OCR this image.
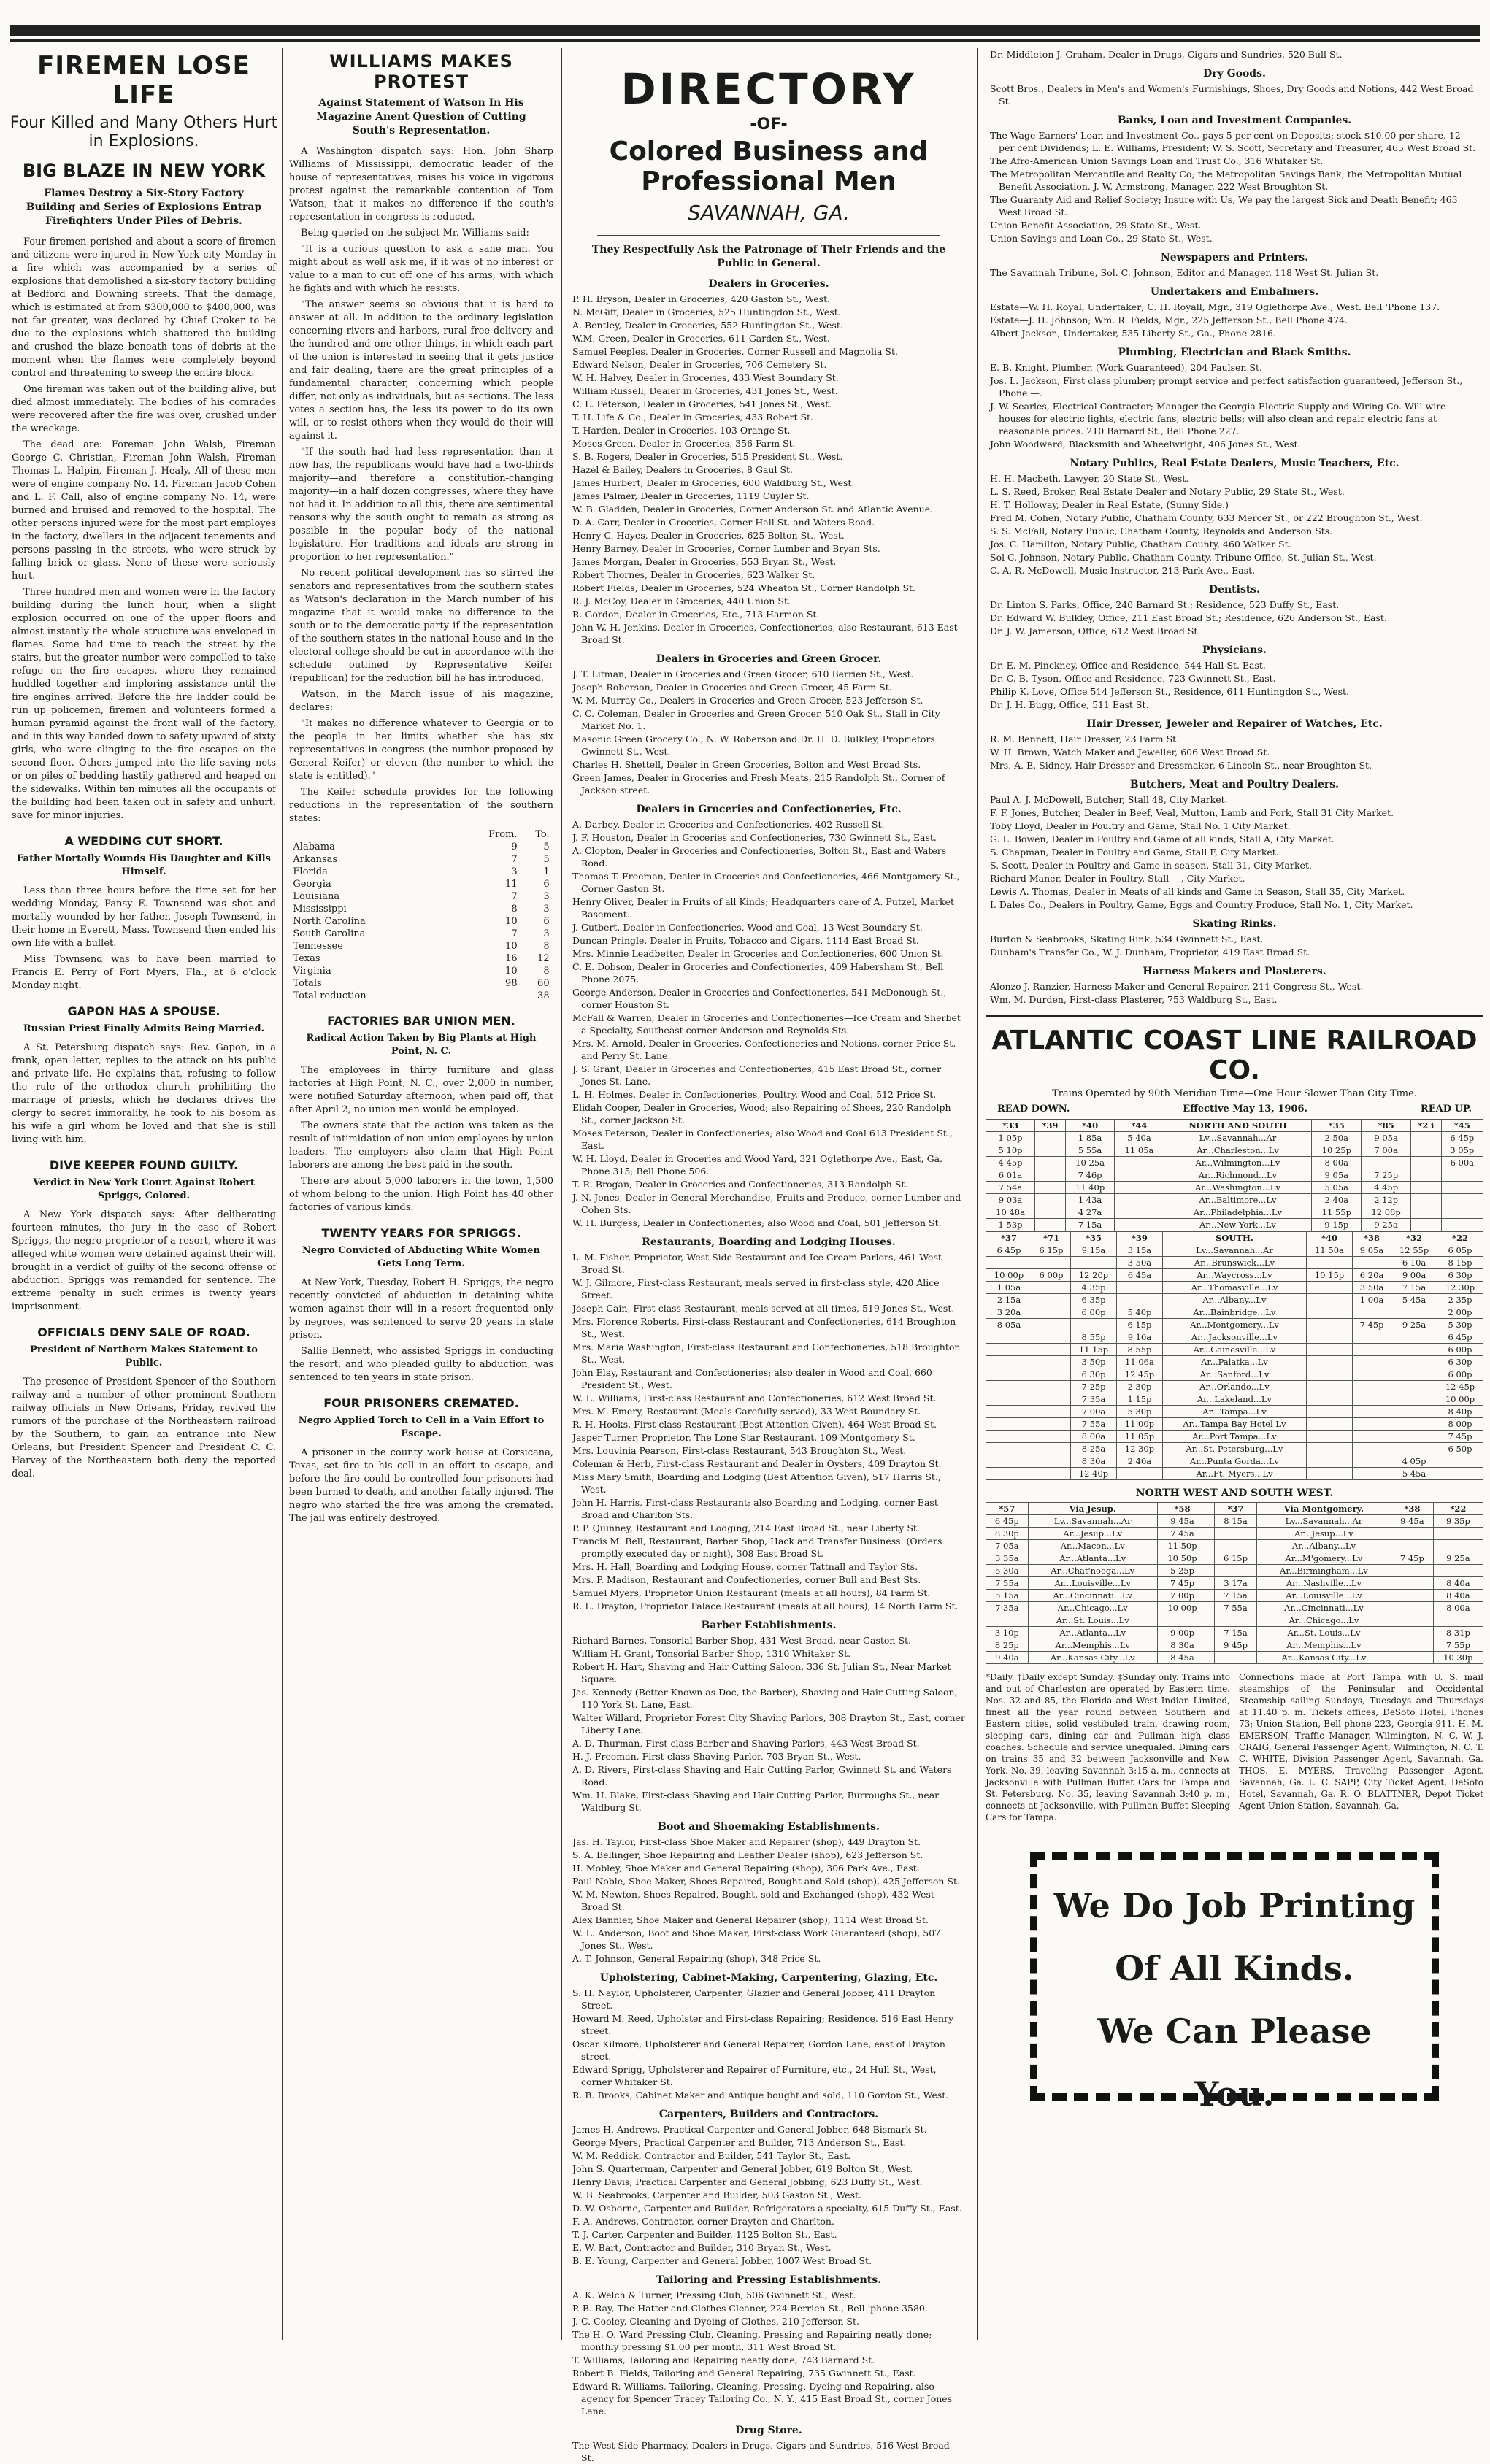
FIREMEN LOSE LIFE
Four Killed and Many Others Hurt in Explosions.
BIG BLAZE IN NEW YORK
Flames Destroy a Six-Story Factory Building and Series of Explosions Entrap Firefighters Under Piles of Debris.

Four firemen perished and about a score of firemen and citizens were injured in New York city Monday in a fire which was accompanied by a series of explosions that demolished a six-story factory building at Bedford and Downing streets. That the damage, which is estimated at from $300,000 to $400,000, was not far greater, was declared by Chief Croker to be due to the explosions which shattered the building and crushed the blaze beneath tons of debris at the moment when the flames were completely beyond control and threatening to sweep the entire block.

One fireman was taken out of the building alive, but died almost immediately. The bodies of his comrades were recovered after the fire was over, crushed under the wreckage.

The dead are: Foreman John Walsh, Fireman George C. Christian, Fireman John Walsh, Fireman Thomas L. Halpin, Fireman J. Healy. All of these men were of engine company No. 14. Fireman Jacob Cohen and L. F. Call, also of engine company No. 14, were burned and bruised and removed to the hospital. The other persons injured were for the most part employes in the factory, dwellers in the adjacent tenements and persons passing in the streets, who were struck by falling brick or glass. None of these were seriously hurt.

Three hundred men and women were in the factory building during the lunch hour, when a slight explosion occurred on one of the upper floors and almost instantly the whole structure was enveloped in flames. Some had time to reach the street by the stairs, but the greater number were compelled to take refuge on the fire escapes, where they remained huddled together and imploring assistance until the fire engines arrived. Before the fire ladder could be run up policemen, firemen and volunteers formed a human pyramid against the front wall of the factory, and in this way handed down to safety upward of sixty girls, who were clinging to the fire escapes on the second floor. Others jumped into the life saving nets or on piles of bedding hastily gathered and heaped on the sidewalks. Within ten minutes all the occupants of the building had been taken out in safety and unhurt, save for minor injuries.

A WEDDING CUT SHORT.
Father Mortally Wounds His Daughter and Kills Himself.

Less than three hours before the time set for her wedding Monday, Pansy E. Townsend was shot and mortally wounded by her father, Joseph Townsend, in their home in Everett, Mass. Townsend then ended his own life with a bullet.

Miss Townsend was to have been married to Francis E. Perry of Fort Myers, Fla., at 6 o'clock Monday night.

GAPON HAS A SPOUSE.
Russian Priest Finally Admits Being Married.

A St. Petersburg dispatch says: Rev. Gapon, in a frank, open letter, replies to the attack on his public and private life. He explains that, refusing to follow the rule of the orthodox church prohibiting the marriage of priests, which he declares drives the clergy to secret immorality, he took to his bosom as his wife a girl whom he loved and that she is still living with him.

DIVE KEEPER FOUND GUILTY.
Verdict in New York Court Against Robert Spriggs, Colored.

A New York dispatch says: After deliberating fourteen minutes, the jury in the case of Robert Spriggs, the negro proprietor of a resort, where it was alleged white women were detained against their will, brought in a verdict of guilty of the second offense of abduction. Spriggs was remanded for sentence. The extreme penalty in such crimes is twenty years imprisonment.

OFFICIALS DENY SALE OF ROAD.
President of Northern Makes Statement to Public.

The presence of President Spencer of the Southern railway and a number of other prominent Southern railway officials in New Orleans, Friday, revived the rumors of the purchase of the Northeastern railroad by the Southern, to gain an entrance into New Orleans, but President Spencer and President C. C. Harvey of the Northeastern both deny the reported deal.

WILLIAMS MAKES PROTEST
Against Statement of Watson In His Magazine Anent Question of Cutting South's Representation.

A Washington dispatch says: Hon. John Sharp Williams of Mississippi, democratic leader of the house of representatives, raises his voice in vigorous protest against the remarkable contention of Tom Watson, that it makes no difference if the south's representation in congress is reduced.

Being queried on the subject Mr. Williams said:

"It is a curious question to ask a sane man. You might about as well ask me, if it was of no interest or value to a man to cut off one of his arms, with which he fights and with which he resists.

"The answer seems so obvious that it is hard to answer at all. In addition to the ordinary legislation concerning rivers and harbors, rural free delivery and the hundred and one other things, in which each part of the union is interested in seeing that it gets justice and fair dealing, there are the great principles of a fundamental character, concerning which people differ, not only as individuals, but as sections. The less votes a section has, the less its power to do its own will, or to resist others when they would do their will against it.

"If the south had had less representation than it now has, the republicans would have had a two-thirds majority—and therefore a constitution-changing majority—in a half dozen congresses, where they have not had it. In addition to all this, there are sentimental reasons why the south ought to remain as strong as possible in the popular body of the national legislature. Her traditions and ideals are strong in proportion to her representation."

No recent political development has so stirred the senators and representatives from the southern states as Watson's declaration in the March number of his magazine that it would make no difference to the south or to the democratic party if the representation of the southern states in the national house and in the electoral college should be cut in accordance with the schedule outlined by Representative Keifer (republican) for the reduction bill he has introduced.

Watson, in the March issue of his magazine, declares:

"It makes no difference whatever to Georgia or to the people in her limits whether she has six representatives in congress (the number proposed by General Keifer) or eleven (the number to which the state is entitled)."

The Keifer schedule provides for the following reductions in the representation of the southern states:

	From.	To.
Alabama	9	5
Arkansas	7	5
Florida	3	1
Georgia	11	6
Louisiana	7	3
Mississippi	8	3
North Carolina	10	6
South Carolina	7	3
Tennessee	10	8
Texas	16	12
Virginia	10	8
Totals	98	60
Total reduction		38
FACTORIES BAR UNION MEN.
Radical Action Taken by Big Plants at High Point, N. C.

The employees in thirty furniture and glass factories at High Point, N. C., over 2,000 in number, were notified Saturday afternoon, when paid off, that after April 2, no union men would be employed.

The owners state that the action was taken as the result of intimidation of non-union employees by union leaders. The employers also claim that High Point laborers are among the best paid in the south.

There are about 5,000 laborers in the town, 1,500 of whom belong to the union. High Point has 40 other factories of various kinds.

TWENTY YEARS FOR SPRIGGS.
Negro Convicted of Abducting White Women Gets Long Term.

At New York, Tuesday, Robert H. Spriggs, the negro recently convicted of abduction in detaining white women against their will in a resort frequented only by negroes, was sentenced to serve 20 years in state prison.

Sallie Bennett, who assisted Spriggs in conducting the resort, and who pleaded guilty to abduction, was sentenced to ten years in state prison.

FOUR PRISONERS CREMATED.
Negro Applied Torch to Cell in a Vain Effort to Escape.

A prisoner in the county work house at Corsicana, Texas, set fire to his cell in an effort to escape, and before the fire could be controlled four prisoners had been burned to death, and another fatally injured. The negro who started the fire was among the cremated. The jail was entirely destroyed.

DIRECTORY
-OF-
Colored Business and Professional Men
SAVANNAH, GA.
They Respectfully Ask the Patronage of Their Friends and the Public in General.
Dealers in Groceries.
P. H. Bryson, Dealer in Groceries, 420 Gaston St., West.
N. McGiff, Dealer in Groceries, 525 Huntingdon St., West.
A. Bentley, Dealer in Groceries, 552 Huntingdon St., West.
W.M. Green, Dealer in Groceries, 611 Garden St., West.
Samuel Peeples, Dealer in Groceries, Corner Russell and Magnolia St.
Edward Nelson, Dealer in Groceries, 706 Cemetery St.
W. H. Halvey, Dealer in Groceries, 433 West Boundary St.
William Russell, Dealer in Groceries, 431 Jones St., West.
C. L. Peterson, Dealer in Groceries, 541 Jones St., West.
T. H. Life & Co., Dealer in Groceries, 433 Robert St.
T. Harden, Dealer in Groceries, 103 Orange St.
Moses Green, Dealer in Groceries, 356 Farm St.
S. B. Rogers, Dealer in Groceries, 515 President St., West.
Hazel & Bailey, Dealers in Groceries, 8 Gaul St.
James Hurbert, Dealer in Groceries, 600 Waldburg St., West.
James Palmer, Dealer in Groceries, 1119 Cuyler St.
W. B. Gladden, Dealer in Groceries, Corner Anderson St. and Atlantic Avenue.
D. A. Carr, Dealer in Groceries, Corner Hall St. and Waters Road.
Henry C. Hayes, Dealer in Groceries, 625 Bolton St., West.
Henry Barney, Dealer in Groceries, Corner Lumber and Bryan Sts.
James Morgan, Dealer in Groceries, 553 Bryan St., West.
Robert Thornes, Dealer in Groceries, 623 Walker St.
Robert Fields, Dealer in Groceries, 524 Wheaton St., Corner Randolph St.
R. J. McCoy, Dealer in Groceries, 440 Union St.
R. Gordon, Dealer in Groceries, Etc., 713 Harmon St.
John W. H. Jenkins, Dealer in Groceries, Confectioneries, also Restaurant, 613 East Broad St.
Dealers in Groceries and Green Grocer.
J. T. Litman, Dealer in Groceries and Green Grocer, 610 Berrien St., West.
Joseph Roberson, Dealer in Groceries and Green Grocer, 45 Farm St.
W. M. Murray Co., Dealers in Groceries and Green Grocer, 523 Jefferson St.
C. C. Coleman, Dealer in Groceries and Green Grocer, 510 Oak St., Stall in City Market No. 1.
Masonic Green Grocery Co., N. W. Roberson and Dr. H. D. Bulkley, Proprietors Gwinnett St., West.
Charles H. Shettell, Dealer in Green Groceries, Bolton and West Broad Sts.
Green James, Dealer in Groceries and Fresh Meats, 215 Randolph St., Corner of Jackson street.
Dealers in Groceries and Confectioneries, Etc.
A. Darbey, Dealer in Groceries and Confectioneries, 402 Russell St.
J. F. Houston, Dealer in Groceries and Confectioneries, 730 Gwinnett St., East.
A. Clopton, Dealer in Groceries and Confectioneries, Bolton St., East and Waters Road.
Thomas T. Freeman, Dealer in Groceries and Confectioneries, 466 Montgomery St., Corner Gaston St.
Henry Oliver, Dealer in Fruits of all Kinds; Headquarters care of A. Putzel, Market Basement.
J. Gutbert, Dealer in Confectioneries, Wood and Coal, 13 West Boundary St.
Duncan Pringle, Dealer in Fruits, Tobacco and Cigars, 1114 East Broad St.
Mrs. Minnie Leadbetter, Dealer in Groceries and Confectioneries, 600 Union St.
C. E. Dobson, Dealer in Groceries and Confectioneries, 409 Habersham St., Bell Phone 2075.
George Anderson, Dealer in Groceries and Confectioneries, 541 McDonough St., corner Houston St.
McFall & Warren, Dealer in Groceries and Confectioneries—Ice Cream and Sherbet a Specialty, Southeast corner Anderson and Reynolds Sts.
Mrs. M. Arnold, Dealer in Groceries, Confectioneries and Notions, corner Price St. and Perry St. Lane.
J. S. Grant, Dealer in Groceries and Confectioneries, 415 East Broad St., corner Jones St. Lane.
L. H. Holmes, Dealer in Confectioneries, Poultry, Wood and Coal, 512 Price St.
Elidah Cooper, Dealer in Groceries, Wood; also Repairing of Shoes, 220 Randolph St., corner Jackson St.
Moses Peterson, Dealer in Confectioneries; also Wood and Coal 613 President St., East.
W. H. Lloyd, Dealer in Groceries and Wood Yard, 321 Oglethorpe Ave., East, Ga. Phone 315; Bell Phone 506.
T. R. Brogan, Dealer in Groceries and Confectioneries, 313 Randolph St.
J. N. Jones, Dealer in General Merchandise, Fruits and Produce, corner Lumber and Cohen Sts.
W. H. Burgess, Dealer in Confectioneries; also Wood and Coal, 501 Jefferson St.
Restaurants, Boarding and Lodging Houses.
L. M. Fisher, Proprietor, West Side Restaurant and Ice Cream Parlors, 461 West Broad St.
W. J. Gilmore, First-class Restaurant, meals served in first-class style, 420 Alice Street.
Joseph Cain, First-class Restaurant, meals served at all times, 519 Jones St., West.
Mrs. Florence Roberts, First-class Restaurant and Confectioneries, 614 Broughton St., West.
Mrs. Maria Washington, First-class Restaurant and Confectioneries, 518 Broughton St., West.
John Elay, Restaurant and Confectioneries; also dealer in Wood and Coal, 660 President St., West.
W. L. Williams, First-class Restaurant and Confectioneries, 612 West Broad St.
Mrs. M. Emery, Restaurant (Meals Carefully served), 33 West Boundary St.
R. H. Hooks, First-class Restaurant (Best Attention Given), 464 West Broad St.
Jasper Turner, Proprietor, The Lone Star Restaurant, 109 Montgomery St.
Mrs. Louvinia Pearson, First-class Restaurant, 543 Broughton St., West.
Coleman & Herb, First-class Restaurant and Dealer in Oysters, 409 Drayton St.
Miss Mary Smith, Boarding and Lodging (Best Attention Given), 517 Harris St., West.
John H. Harris, First-class Restaurant; also Boarding and Lodging, corner East Broad and Charlton Sts.
P. P. Quinney, Restaurant and Lodging, 214 East Broad St., near Liberty St.
Francis M. Bell, Restaurant, Barber Shop, Hack and Transfer Business. (Orders promptly executed day or night), 308 East Broad St.
Mrs. H. Hall, Boarding and Lodging House, corner Tattnall and Taylor Sts.
Mrs. P. Madison, Restaurant and Confectioneries, corner Bull and Best Sts.
Samuel Myers, Proprietor Union Restaurant (meals at all hours), 84 Farm St.
R. L. Drayton, Proprietor Palace Restaurant (meals at all hours), 14 North Farm St.
Barber Establishments.
Richard Barnes, Tonsorial Barber Shop, 431 West Broad, near Gaston St.
William H. Grant, Tonsorial Barber Shop, 1310 Whitaker St.
Robert H. Hart, Shaving and Hair Cutting Saloon, 336 St. Julian St., Near Market Square.
Jas. Kennedy (Better Known as Doc, the Barber), Shaving and Hair Cutting Saloon, 110 York St. Lane, East.
Walter Willard, Proprietor Forest City Shaving Parlors, 308 Drayton St., East, corner Liberty Lane.
A. D. Thurman, First-class Barber and Shaving Parlors, 443 West Broad St.
H. J. Freeman, First-class Shaving Parlor, 703 Bryan St., West.
A. D. Rivers, First-class Shaving and Hair Cutting Parlor, Gwinnett St. and Waters Road.
Wm. H. Blake, First-class Shaving and Hair Cutting Parlor, Burroughs St., near Waldburg St.
Boot and Shoemaking Establishments.
Jas. H. Taylor, First-class Shoe Maker and Repairer (shop), 449 Drayton St.
S. A. Bellinger, Shoe Repairing and Leather Dealer (shop), 623 Jefferson St.
H. Mobley, Shoe Maker and General Repairing (shop), 306 Park Ave., East.
Paul Noble, Shoe Maker, Shoes Repaired, Bought and Sold (shop), 425 Jefferson St.
W. M. Newton, Shoes Repaired, Bought, sold and Exchanged (shop), 432 West Broad St.
Alex Bannier, Shoe Maker and General Repairer (shop), 1114 West Broad St.
W. L. Anderson, Boot and Shoe Maker, First-class Work Guaranteed (shop), 507 Jones St., West.
A. T. Johnson, General Repairing (shop), 348 Price St.
Upholstering, Cabinet-Making, Carpentering, Glazing, Etc.
S. H. Naylor, Upholsterer, Carpenter, Glazier and General Jobber, 411 Drayton Street.
Howard M. Reed, Upholster and First-class Repairing; Residence, 516 East Henry street.
Oscar Kilmore, Upholsterer and General Repairer, Gordon Lane, east of Drayton street.
Edward Sprigg, Upholsterer and Repairer of Furniture, etc., 24 Hull St., West, corner Whitaker St.
R. B. Brooks, Cabinet Maker and Antique bought and sold, 110 Gordon St., West.
Carpenters, Builders and Contractors.
James H. Andrews, Practical Carpenter and General Jobber, 648 Bismark St.
George Myers, Practical Carpenter and Builder, 713 Anderson St., East.
W. M. Reddick, Contractor and Builder, 541 Taylor St., East.
John S. Quarterman, Carpenter and General Jobber, 619 Bolton St., West.
Henry Davis, Practical Carpenter and General Jobbing, 623 Duffy St., West.
W. B. Seabrooks, Carpenter and Builder, 503 Gaston St., West.
D. W. Osborne, Carpenter and Builder, Refrigerators a specialty, 615 Duffy St., East.
F. A. Andrews, Contractor, corner Drayton and Charlton.
T. J. Carter, Carpenter and Builder, 1125 Bolton St., East.
E. W. Bart, Contractor and Builder, 310 Bryan St., West.
B. E. Young, Carpenter and General Jobber, 1007 West Broad St.
Tailoring and Pressing Establishments.
A. K. Welch & Turner, Pressing Club, 506 Gwinnett St., West.
P. B. Ray, The Hatter and Clothes Cleaner, 224 Berrien St., Bell 'phone 3580.
J. C. Cooley, Cleaning and Dyeing of Clothes, 210 Jefferson St.
The H. O. Ward Pressing Club, Cleaning, Pressing and Repairing neatly done; monthly pressing $1.00 per month, 311 West Broad St.
T. Williams, Tailoring and Repairing neatly done, 743 Barnard St.
Robert B. Fields, Tailoring and General Repairing, 735 Gwinnett St., East.
Edward R. Williams, Tailoring, Cleaning, Pressing, Dyeing and Repairing, also agency for Spencer Tracey Tailoring Co., N. Y., 415 East Broad St., corner Jones Lane.
Drug Store.
The West Side Pharmacy, Dealers in Drugs, Cigars and Sundries, 516 West Broad St.
Dr. Middleton J. Graham, Dealer in Drugs, Cigars and Sundries, 520 Bull St.
Dry Goods.
Scott Bros., Dealers in Men's and Women's Furnishings, Shoes, Dry Goods and Notions, 442 West Broad St.
Banks, Loan and Investment Companies.
The Wage Earners' Loan and Investment Co., pays 5 per cent on Deposits; stock $10.00 per share, 12 per cent Dividends; L. E. Williams, President; W. S. Scott, Secretary and Treasurer, 465 West Broad St.
The Afro-American Union Savings Loan and Trust Co., 316 Whitaker St.
The Metropolitan Mercantile and Realty Co; the Metropolitan Savings Bank; the Metropolitan Mutual Benefit Association, J. W. Armstrong, Manager, 222 West Broughton St.
The Guaranty Aid and Relief Society; Insure with Us, We pay the largest Sick and Death Benefit; 463 West Broad St.
Union Benefit Association, 29 State St., West.
Union Savings and Loan Co., 29 State St., West.
Newspapers and Printers.
The Savannah Tribune, Sol. C. Johnson, Editor and Manager, 118 West St. Julian St.
Undertakers and Embalmers.
Estate—W. H. Royal, Undertaker; C. H. Royall, Mgr., 319 Oglethorpe Ave., West. Bell 'Phone 137.
Estate—J. H. Johnson; Wm. R. Fields, Mgr., 225 Jefferson St., Bell Phone 474.
Albert Jackson, Undertaker, 535 Liberty St., Ga., Phone 2816.
Plumbing, Electrician and Black Smiths.
E. B. Knight, Plumber, (Work Guaranteed), 204 Paulsen St.
Jos. L. Jackson, First class plumber; prompt service and perfect satisfaction guaranteed, Jefferson St., Phone —.
J. W. Searles, Electrical Contractor; Manager the Georgia Electric Supply and Wiring Co. Will wire houses for electric lights, electric fans, electric bells; will also clean and repair electric fans at reasonable prices. 210 Barnard St., Bell Phone 227.
John Woodward, Blacksmith and Wheelwright, 406 Jones St., West.
Notary Publics, Real Estate Dealers, Music Teachers, Etc.
H. H. Macbeth, Lawyer, 20 State St., West.
L. S. Reed, Broker, Real Estate Dealer and Notary Public, 29 State St., West.
H. T. Holloway, Dealer in Real Estate, (Sunny Side.)
Fred M. Cohen, Notary Public, Chatham County, 633 Mercer St., or 222 Broughton St., West.
S. S. McFall, Notary Public, Chatham County, Reynolds and Anderson Sts.
Jos. C. Hamilton, Notary Public, Chatham County, 460 Walker St.
Sol C. Johnson, Notary Public, Chatham County, Tribune Office, St. Julian St., West.
C. A. R. McDowell, Music Instructor, 213 Park Ave., East.
Dentists.
Dr. Linton S. Parks, Office, 240 Barnard St.; Residence, 523 Duffy St., East.
Dr. Edward W. Bulkley, Office, 211 East Broad St.; Residence, 626 Anderson St., East.
Dr. J. W. Jamerson, Office, 612 West Broad St.
Physicians.
Dr. E. M. Pinckney, Office and Residence, 544 Hall St. East.
Dr. C. B. Tyson, Office and Residence, 723 Gwinnett St., East.
Philip K. Love, Office 514 Jefferson St., Residence, 611 Huntingdon St., West.
Dr. J. H. Bugg, Office, 511 East St.
Hair Dresser, Jeweler and Repairer of Watches, Etc.
R. M. Bennett, Hair Dresser, 23 Farm St.
W. H. Brown, Watch Maker and Jeweller, 606 West Broad St.
Mrs. A. E. Sidney, Hair Dresser and Dressmaker, 6 Lincoln St., near Broughton St.
Butchers, Meat and Poultry Dealers.
Paul A. J. McDowell, Butcher, Stall 48, City Market.
F. F. Jones, Butcher, Dealer in Beef, Veal, Mutton, Lamb and Pork, Stall 31 City Market.
Toby Lloyd, Dealer in Poultry and Game, Stall No. 1 City Market.
G. L. Bowen, Dealer in Poultry and Game of all kinds, Stall A, City Market.
S. Chapman, Dealer in Poultry and Game, Stall F, City Market.
S. Scott, Dealer in Poultry and Game in season, Stall 31, City Market.
Richard Maner, Dealer in Poultry, Stall —, City Market.
Lewis A. Thomas, Dealer in Meats of all kinds and Game in Season, Stall 35, City Market.
I. Dales Co., Dealers in Poultry, Game, Eggs and Country Produce, Stall No. 1, City Market.
Skating Rinks.
Burton & Seabrooks, Skating Rink, 534 Gwinnett St., East.
Dunham's Transfer Co., W. J. Dunham, Proprietor, 419 East Broad St.
Harness Makers and Plasterers.
Alonzo J. Ranzier, Harness Maker and General Repairer, 211 Congress St., West.
Wm. M. Durden, First-class Plasterer, 753 Waldburg St., East.
ATLANTIC COAST LINE RAILROAD CO.
Trains Operated by 90th Meridian Time—One Hour Slower Than City Time.
READ DOWN.	Effective May 13, 1906.	READ UP.
*33	*39	*40	*44	NORTH AND SOUTH	*35	*85	*23	*45
1 05p		1 85a	5 40a	Lv...Savannah...Ar	2 50a	9 05a		6 45p
5 10p		5 55a	11 05a	Ar...Charleston...Lv	10 25p	7 00a		3 05p
4 45p		10 25a		Ar...Wilmington...Lv	8 00a			6 00a
6 01a		7 46p		Ar...Richmond...Lv	9 05a	7 25p		
7 54a		11 40p		Ar...Washington...Lv	5 05a	4 45p		
9 03a		1 43a		Ar...Baltimore...Lv	2 40a	2 12p		
10 48a		4 27a		Ar...Philadelphia...Lv	11 55p	12 08p		
1 53p		7 15a		Ar...New York...Lv	9 15p	9 25a		
*37	*71	*35	*39	SOUTH.	*40	*38	*32	*22
6 45p	6 15p	9 15a	3 15a	Lv...Savannah...Ar	11 50a	9 05a	12 55p	6 05p
			3 50a	Ar...Brunswick...Lv			6 10a	8 15p
10 00p	6 00p	12 20p	6 45a	Ar...Waycross...Lv	10 15p	6 20a	9 00a	6 30p
1 05a		4 35p		Ar...Thomasville...Lv		3 50a	7 15a	12 30p
2 15a		6 35p		Ar...Albany...Lv		1 00a	5 45a	2 35p
3 20a		6 00p	5 40p	Ar...Bainbridge...Lv				2 00p
8 05a			6 15p	Ar...Montgomery...Lv		7 45p	9 25a	5 30p
		8 55p	9 10a	Ar...Jacksonville...Lv				6 45p
		11 15p	8 55p	Ar...Gainesville...Lv				6 00p
		3 50p	11 06a	Ar...Palatka...Lv				6 30p
		6 30p	12 45p	Ar...Sanford...Lv				6 00p
		7 25p	2 30p	Ar...Orlando...Lv				12 45p
		7 35a	1 15p	Ar...Lakeland...Lv				10 00p
		7 00a	5 30p	Ar...Tampa...Lv				8 40p
		7 55a	11 00p	Ar...Tampa Bay Hotel Lv				8 00p
		8 00a	11 05p	Ar...Port Tampa...Lv				7 45p
		8 25a	12 30p	Ar...St. Petersburg...Lv				6 50p
		8 30a	2 40a	Ar...Punta Gorda...Lv			4 05p	
		12 40p		Ar...Ft. Myers...Lv			5 45a	
NORTH WEST AND SOUTH WEST.
*57	Via Jesup.	*58		*37	Via Montgomery.	*38	*22
6 45p	Lv...Savannah...Ar	9 45a		8 15a	Lv...Savannah...Ar	9 45a	9 35p
8 30p	Ar...Jesup...Lv	7 45a			Ar...Jesup...Lv		
7 05a	Ar...Macon...Lv	11 50p			Ar...Albany...Lv		
3 35a	Ar...Atlanta...Lv	10 50p		6 15p	Ar...M'gomery...Lv	7 45p	9 25a
5 30a	Ar...Chat'nooga...Lv	5 25p			Ar...Birmingham...Lv		
7 55a	Ar...Louisville...Lv	7 45p		3 17a	Ar...Nashville...Lv		8 40a
5 15a	Ar...Cincinnati...Lv	7 00p		7 15a	Ar...Louisville...Lv		8 40a
7 35a	Ar...Chicago...Lv	10 00p		7 55a	Ar...Cincinnati...Lv		8 00a
	Ar...St. Louis...Lv				Ar...Chicago...Lv		
3 10p	Ar...Atlanta...Lv	9 00p		7 15a	Ar...St. Louis...Lv		8 31p
8 25p	Ar...Memphis...Lv	8 30a		9 45p	Ar...Memphis...Lv		7 55p
9 40a	Ar...Kansas City...Lv	8 45a			Ar...Kansas City...Lv		10 30p
*Daily. †Daily except Sunday. ‡Sunday only. Trains into and out of Charleston are operated by Eastern time. Nos. 32 and 85, the Florida and West Indian Limited, finest all the year round between Southern and Eastern cities, solid vestibuled train, drawing room, sleeping cars, dining car and Pullman high class coaches. Schedule and service unequaled. Dining cars on trains 35 and 32 between Jacksonville and New York. No. 39, leaving Savannah 3:15 a. m., connects at Jacksonville with Pullman Buffet Cars for Tampa and St. Petersburg. No. 35, leaving Savannah 3:40 p. m., connects at Jacksonville, with Pullman Buffet Sleeping Cars for Tampa.
Connections made at Port Tampa with U. S. mail steamships of the Peninsular and Occidental Steamship sailing Sundays, Tuesdays and Thursdays at 11.40 p. m. Tickets offices, DeSoto Hotel, Phones 73; Union Station, Bell phone 223, Georgia 911. H. M. EMERSON, Traffic Manager, Wilmington, N. C. W. J. CRAIG, General Passenger Agent, Wilmington, N. C. T. C. WHITE, Division Passenger Agent, Savannah, Ga. THOS. E. MYERS, Traveling Passenger Agent, Savannah, Ga. L. C. SAPP, City Ticket Agent, DeSoto Hotel, Savannah, Ga. R. O. BLATTNER, Depot Ticket Agent Union Station, Savannah, Ga.
We Do Job Printing
Of All Kinds.
We Can Please You.
